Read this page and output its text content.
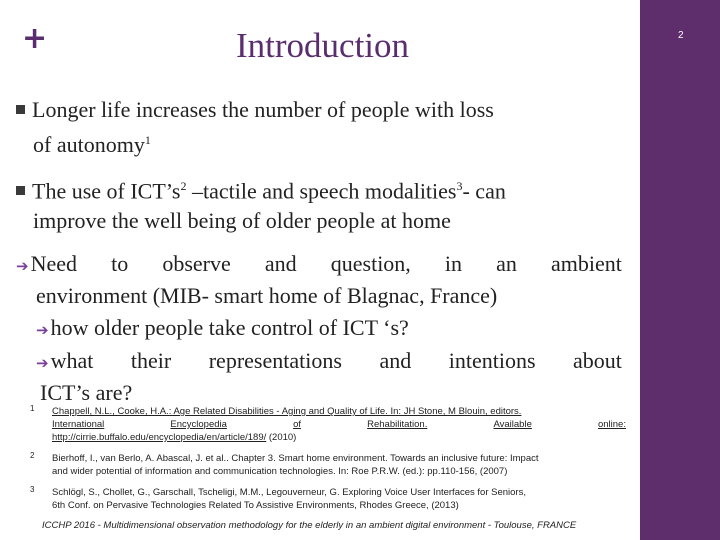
+	Introduction	2
Longer life increases the number of people with loss
of autonomy$^1$
The use of $ICT’s^2$ –tactile and speech modalities$^3$- can
improve the well being of older people at home
➔Need to observe and question, in an ambient
environment (MIB- smart home of Blagnac, France)
➔how older people take control of ICT ‘s?
➔what their representations and intentions about
ICT’s are?
1 Chappell, N.L., Cooke, H.A.: Age Related Disabilities - Aging and Quality of Life. In: JH Stone, M Blouin, editors.
International	Encyclopedia	of	Rehabilitation.	Available	online:
http://cirrie.buffalo.edu/encyclopedia/en/article/189/ (2010)
2 Bierhoff, I., van Berlo, A. Abascal, J. et al.. Chapter 3. Smart home environment. Towards an inclusive future: Impact
and wider potential of information and communication technologies. In: Roe P.R.W. (ed.): pp.110-156, (2007)
3 Schlögl, S., Chollet, G., Garschall, Tscheligi, M.M., Legouverneur, G. Exploring Voice User Interfaces for Seniors,
6th Conf. on Pervasive Technologies Related To Assistive Environments, Rhodes Greece, (2013)
ICCHP 2016 - Multidimensional observation methodology for the elderly in an ambient digital environment - Toulouse, FRANCE
